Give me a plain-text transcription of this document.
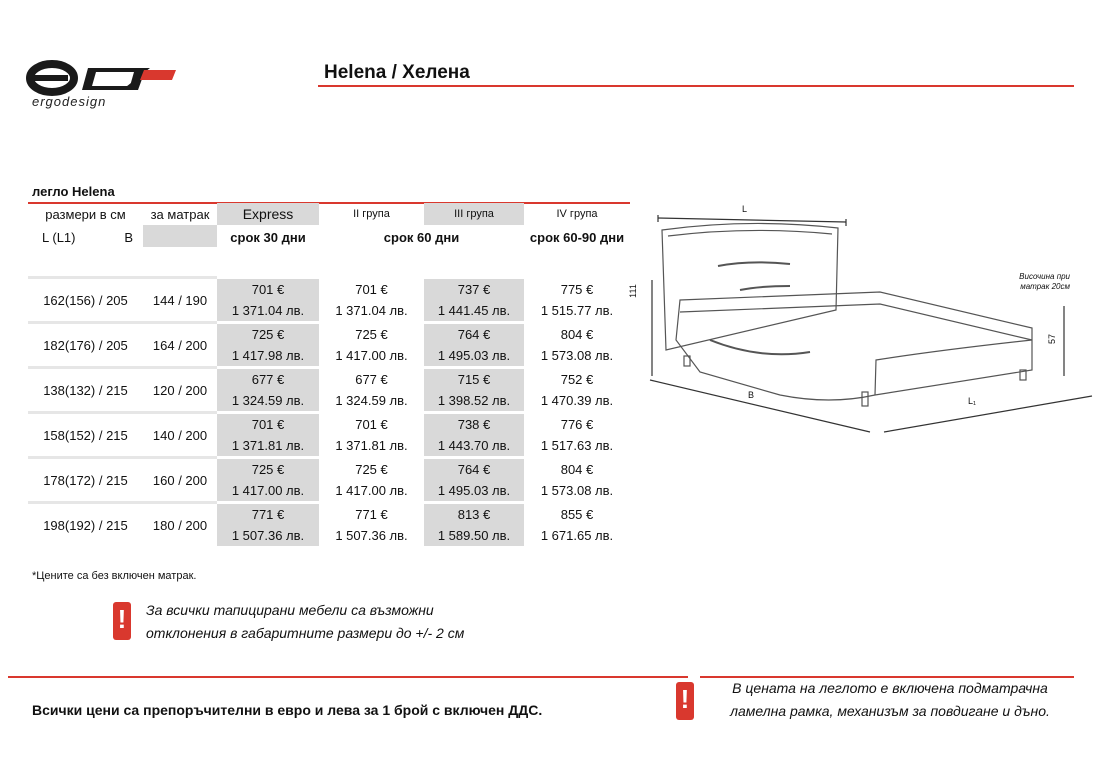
ergodesign
Helena / Хелена
легло Helena
размери в см	за матрак	Express	II група	III група	IV група
L (L1) B		срок 30 дни	срок 60 дни		срок 60-90 дни

162(156) / 205	144 / 190	701 €	701 €	737 €	775 €
		1 371.04 лв.	1 371.04 лв.	1 441.45 лв.	1 515.77 лв.
182(176) / 205	164 / 200	725 €	725 €	764 €	804 €
		1 417.98 лв.	1 417.00 лв.	1 495.03 лв.	1 573.08 лв.
138(132) / 215	120 / 200	677 €	677 €	715 €	752 €
		1 324.59 лв.	1 324.59 лв.	1 398.52 лв.	1 470.39 лв.
158(152) / 215	140 / 200	701 €	701 €	738 €	776 €
		1 371.81 лв.	1 371.81 лв.	1 443.70 лв.	1 517.63 лв.
178(172) / 215	160 / 200	725 €	725 €	764 €	804 €
		1 417.00 лв.	1 417.00 лв.	1 495.03 лв.	1 573.08 лв.
198(192) / 215	180 / 200	771 €	771 €	813 €	855 €
		1 507.36 лв.	1 507.36 лв.	1 589.50 лв.	1 671.65 лв.
L
B
L₁
111
57
Височина при
матрак 20см
*Цените са без включен матрак.
!
За всички тапицирани мебели са възможни
отклонения в габаритните размери до +/- 2 см
Всички цени са препоръчителни в евро и лева за 1 брой с включен ДДС.
!
В цената на леглото е включена подматрачна
ламелна рамка, механизъм за повдигане и дъно.
